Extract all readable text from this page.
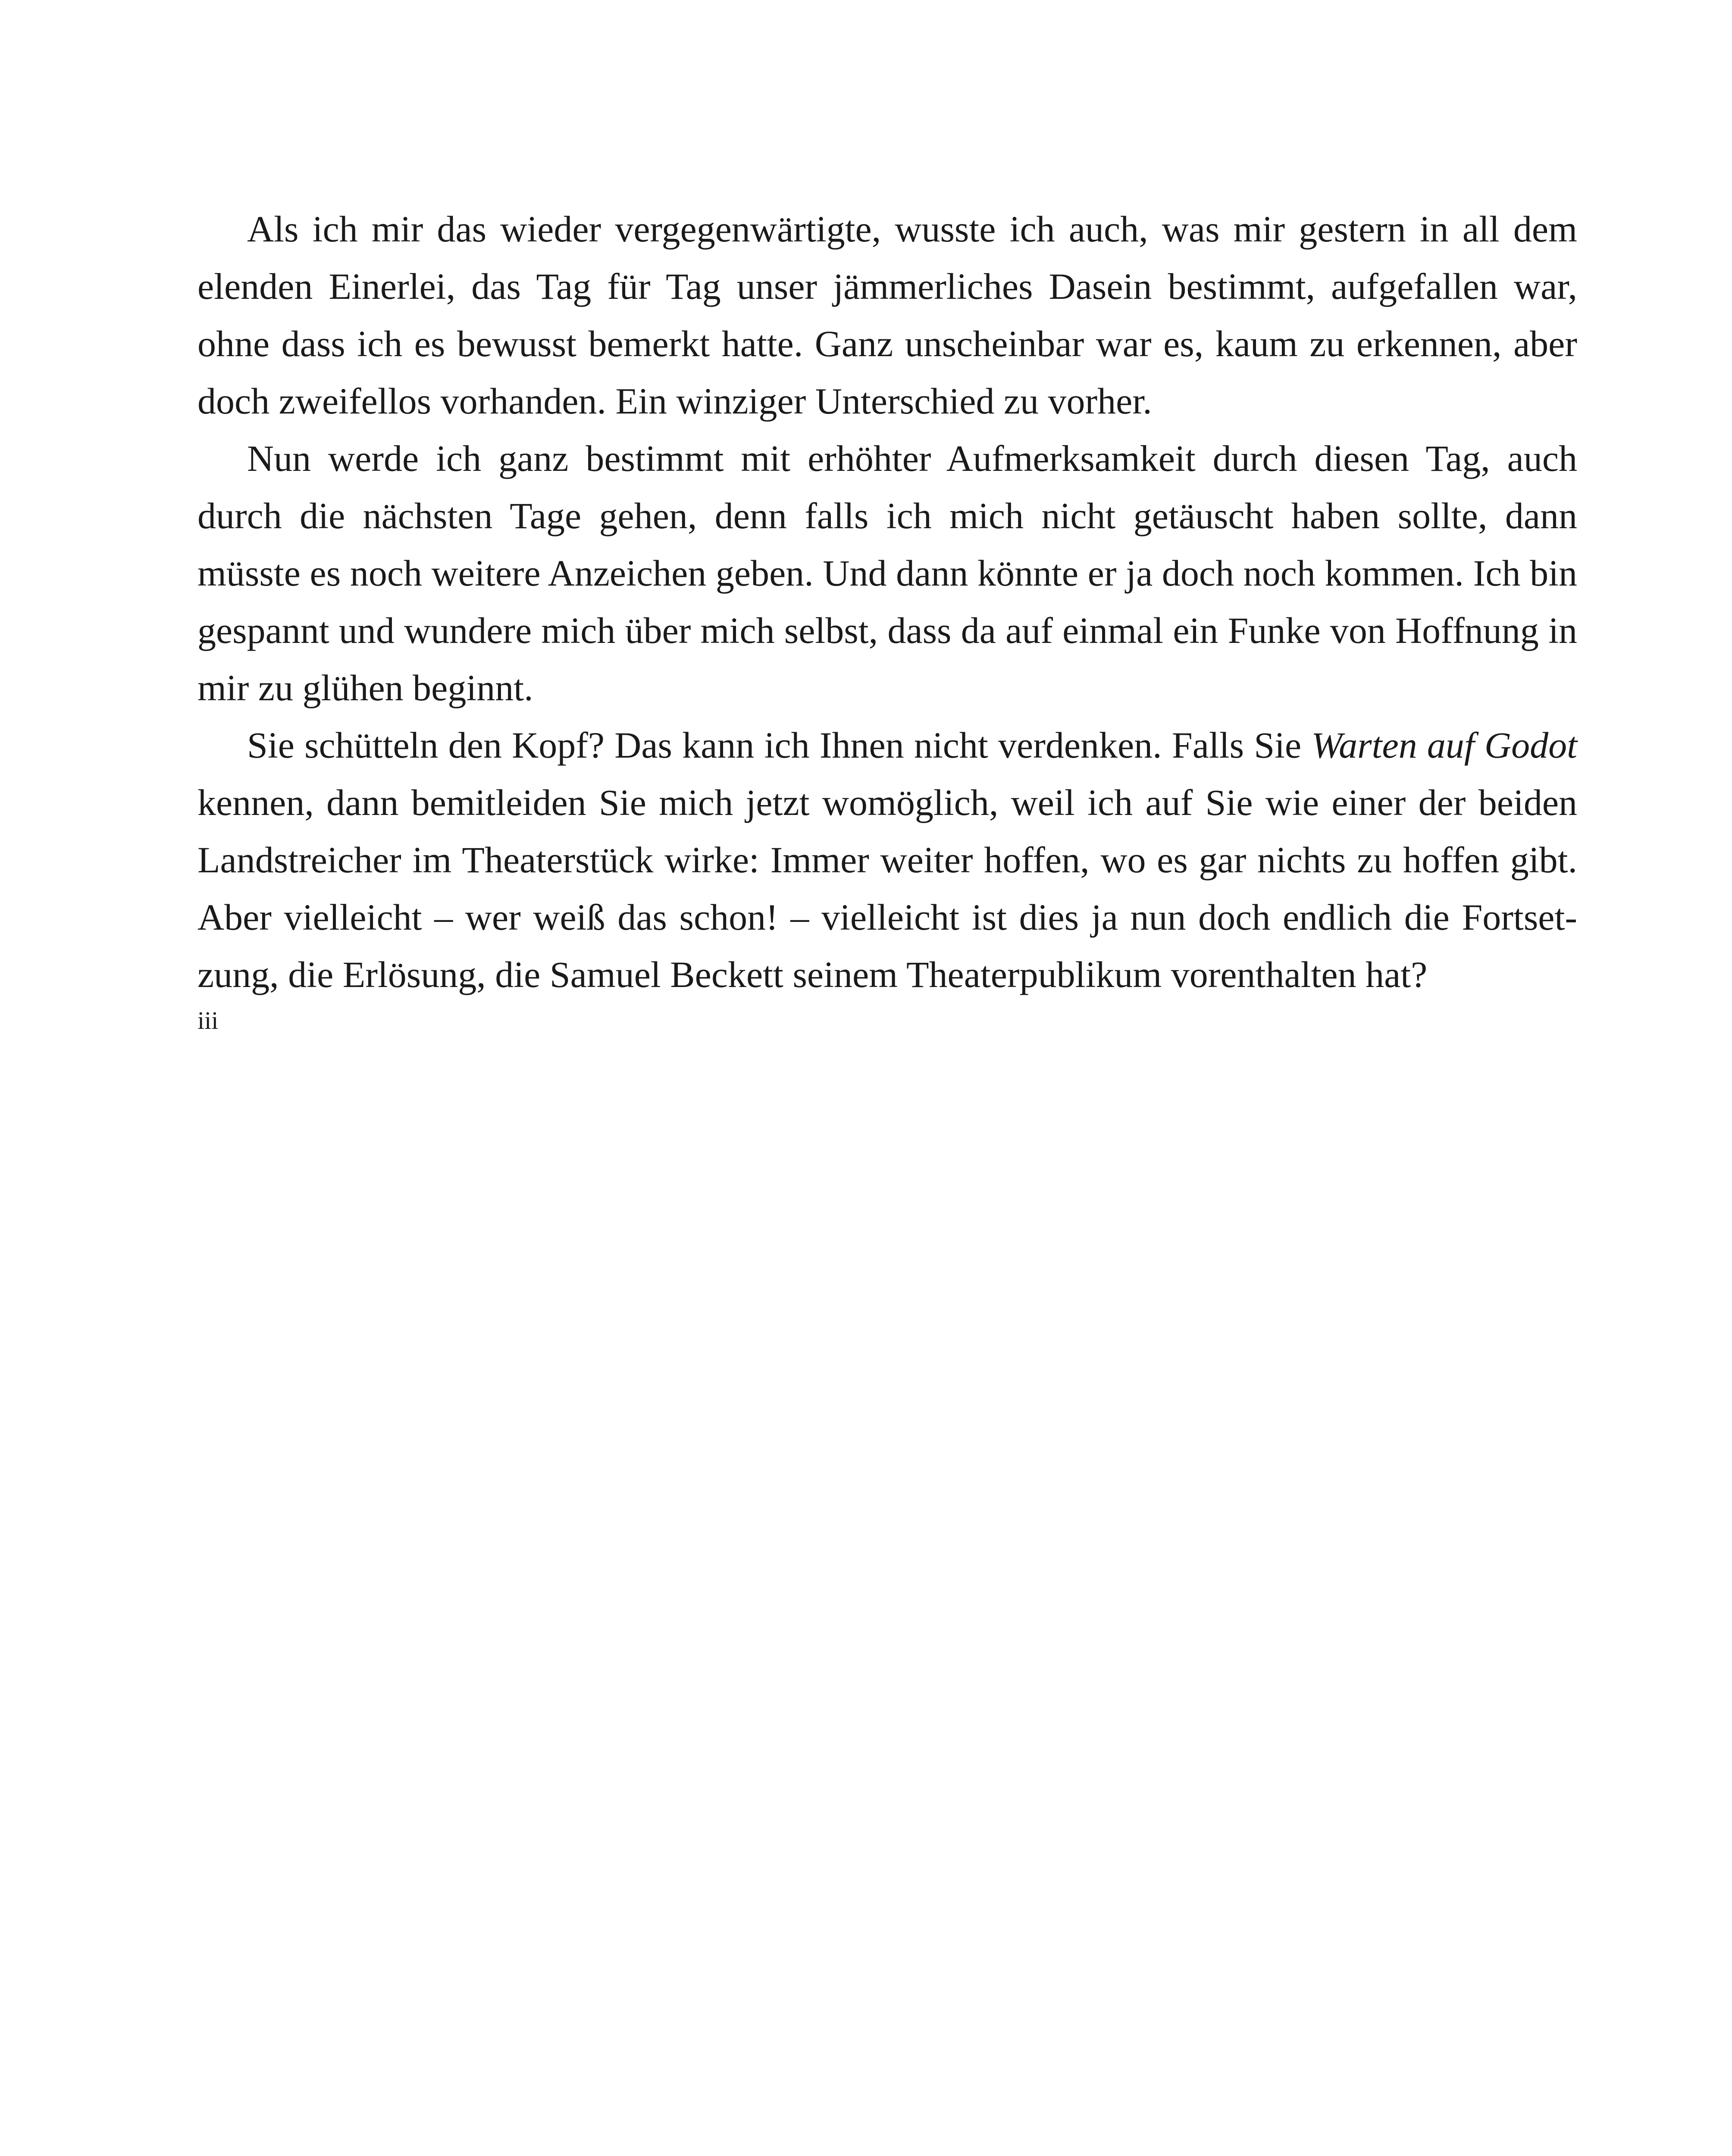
Als ich mir das wieder vergegenwärtigte, wusste ich auch, was mir gestern in all dem elenden Einerlei, das Tag für Tag unser jämmerliches Dasein bestimmt, aufgefallen war, ohne dass ich es bewusst bemerkt hatte. Ganz unscheinbar war es, kaum zu erkennen, aber doch zweifellos vorhanden. Ein winziger Unterschied zu vorher.

Nun werde ich ganz bestimmt mit erhöhter Aufmerksamkeit durch diesen Tag, auch durch die nächsten Tage gehen, denn falls ich mich nicht getäuscht haben sollte, dann müsste es noch weitere Anzeichen geben. Und dann könnte er ja doch noch kommen. Ich bin gespannt und wundere mich über mich selbst, dass da auf einmal ein Funke von Hoffnung in mir zu glühen beginnt.

Sie schütteln den Kopf? Das kann ich Ihnen nicht verdenken. Falls Sie Warten auf Godot kennen, dann bemitleiden Sie mich jetzt womöglich, weil ich auf Sie wie einer der beiden Landstreicher im Theaterstück wirke: Immer weiter hoffen, wo es gar nichts zu hoffen gibt. Aber vielleicht – wer weiß das schon! – vielleicht ist dies ja nun doch endlich die Fortsetzung, die Erlösung, die Samuel Beckett seinem Theaterpublikum vorenthalten hat?

iii
